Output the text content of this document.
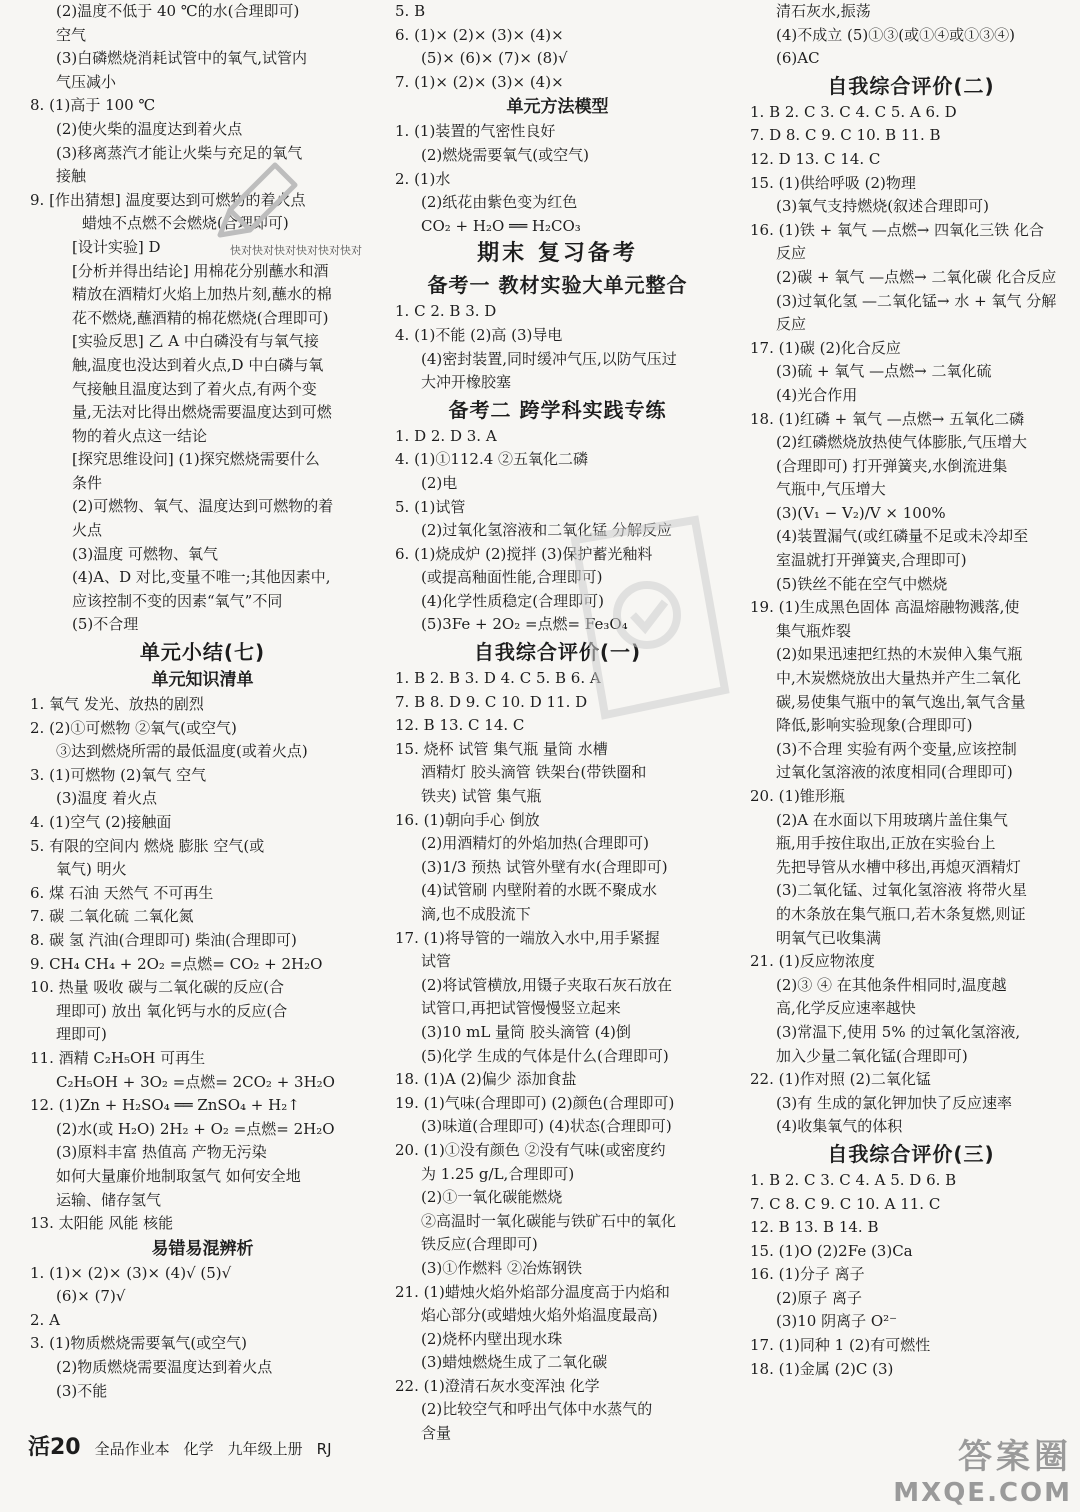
(2)温度不低于 40 ℃的水(合理即可)
空气
(3)白磷燃烧消耗试管中的氧气,试管内
气压减小
8. (1)高于 100 ℃
(2)使火柴的温度达到着火点
(3)移离蒸汽才能让火柴与充足的氧气
接触
9. [作出猜想] 温度要达到可燃物的着火点
蜡烛不点燃不会燃烧(合理即可)
[设计实验] D
[分析并得出结论] 用棉花分别蘸水和酒
精放在酒精灯火焰上加热片刻,蘸水的棉
花不燃烧,蘸酒精的棉花燃烧(合理即可)
[实验反思] 乙 A 中白磷没有与氧气接
触,温度也没达到着火点,D 中白磷与氧
气接触且温度达到了着火点,有两个变
量,无法对比得出燃烧需要温度达到可燃
物的着火点这一结论
[探究思维设问] (1)探究燃烧需要什么
条件
(2)可燃物、氧气、温度达到可燃物的着
火点
(3)温度 可燃物、氧气
(4)A、D 对比,变量不唯一;其他因素中,
应该控制不变的因素“氧气”不同
(5)不合理
单元小结(七)
单元知识清单
1. 氧气 发光、放热的剧烈
2. (2)①可燃物 ②氧气(或空气)
③达到燃烧所需的最低温度(或着火点)
3. (1)可燃物 (2)氧气 空气
(3)温度 着火点
4. (1)空气 (2)接触面
5. 有限的空间内 燃烧 膨胀 空气(或
氧气) 明火
6. 煤 石油 天然气 不可再生
7. 碳 二氧化硫 二氧化氮
8. 碳 氢 汽油(合理即可) 柴油(合理即可)
9. CH₄ CH₄ + 2O₂ =点燃= CO₂ + 2H₂O
10. 热量 吸收 碳与二氧化碳的反应(合
理即可) 放出 氧化钙与水的反应(合
理即可)
11. 酒精 C₂H₅OH 可再生
C₂H₅OH + 3O₂ =点燃= 2CO₂ + 3H₂O
12. (1)Zn + H₂SO₄ ══ ZnSO₄ + H₂↑
(2)水(或 H₂O) 2H₂ + O₂ =点燃= 2H₂O
(3)原料丰富 热值高 产物无污染
如何大量廉价地制取氢气 如何安全地
运输、储存氢气
13. 太阳能 风能 核能
易错易混辨析
1. (1)× (2)× (3)× (4)√ (5)√
(6)× (7)√
2. A
3. (1)物质燃烧需要氧气(或空气)
(2)物质燃烧需要温度达到着火点
(3)不能
5. B
6. (1)× (2)× (3)× (4)×
(5)× (6)× (7)× (8)√
7. (1)× (2)× (3)× (4)×
单元方法模型
1. (1)装置的气密性良好
(2)燃烧需要氧气(或空气)
2. (1)水
(2)纸花由紫色变为红色
CO₂ + H₂O ══ H₂CO₃
期末 复习备考
备考一 教材实验大单元整合
1. C 2. B 3. D
4. (1)不能 (2)高 (3)导电
(4)密封装置,同时缓冲气压,以防气压过
大冲开橡胶塞
备考二 跨学科实践专练
1. D 2. D 3. A
4. (1)①112.4 ②五氧化二磷
(2)电
5. (1)试管
(2)过氧化氢溶液和二氧化锰 分解反应
6. (1)烧成炉 (2)搅拌 (3)保护蓄光釉料
(或提高釉面性能,合理即可)
(4)化学性质稳定(合理即可)
(5)3Fe + 2O₂ =点燃= Fe₃O₄
自我综合评价(一)
1. B 2. B 3. D 4. C 5. B 6. A
7. B 8. D 9. C 10. D 11. D
12. B 13. C 14. C
15. 烧杯 试管 集气瓶 量筒 水槽
酒精灯 胶头滴管 铁架台(带铁圈和
铁夹) 试管 集气瓶
16. (1)朝向手心 倒放
(2)用酒精灯的外焰加热(合理即可)
(3)1/3 预热 试管外壁有水(合理即可)
(4)试管刷 内壁附着的水既不聚成水
滴,也不成股流下
17. (1)将导管的一端放入水中,用手紧握
试管
(2)将试管横放,用镊子夹取石灰石放在
试管口,再把试管慢慢竖立起来
(3)10 mL 量筒 胶头滴管 (4)倒
(5)化学 生成的气体是什么(合理即可)
18. (1)A (2)偏少 添加食盐
19. (1)气味(合理即可) (2)颜色(合理即可)
(3)味道(合理即可) (4)状态(合理即可)
20. (1)①没有颜色 ②没有气味(或密度约
为 1.25 g/L,合理即可)
(2)①一氧化碳能燃烧
②高温时一氧化碳能与铁矿石中的氧化
铁反应(合理即可)
(3)①作燃料 ②冶炼钢铁
21. (1)蜡烛火焰外焰部分温度高于内焰和
焰心部分(或蜡烛火焰外焰温度最高)
(2)烧杯内壁出现水珠
(3)蜡烛燃烧生成了二氧化碳
22. (1)澄清石灰水变浑浊 化学
(2)比较空气和呼出气体中水蒸气的
含量
清石灰水,振荡
(4)不成立 (5)①③(或①④或①③④)
(6)AC
自我综合评价(二)
1. B 2. C 3. C 4. C 5. A 6. D
7. D 8. C 9. C 10. B 11. B
12. D 13. C 14. C
15. (1)供给呼吸 (2)物理
(3)氧气支持燃烧(叙述合理即可)
16. (1)铁 + 氧气 —点燃→ 四氧化三铁 化合
反应
(2)碳 + 氧气 —点燃→ 二氧化碳 化合反应
(3)过氧化氢 —二氧化锰→ 水 + 氧气 分解
反应
17. (1)碳 (2)化合反应
(3)硫 + 氧气 —点燃→ 二氧化硫
(4)光合作用
18. (1)红磷 + 氧气 —点燃→ 五氧化二磷
(2)红磷燃烧放热使气体膨胀,气压增大
(合理即可) 打开弹簧夹,水倒流进集
气瓶中,气压增大
(3)(V₁ − V₂)/V × 100%
(4)装置漏气(或红磷量不足或未冷却至
室温就打开弹簧夹,合理即可)
(5)铁丝不能在空气中燃烧
19. (1)生成黑色固体 高温熔融物溅落,使
集气瓶炸裂
(2)如果迅速把红热的木炭伸入集气瓶
中,木炭燃烧放出大量热并产生二氧化
碳,易使集气瓶中的氧气逸出,氧气含量
降低,影响实验现象(合理即可)
(3)不合理 实验有两个变量,应该控制
过氧化氢溶液的浓度相同(合理即可)
20. (1)锥形瓶
(2)A 在水面以下用玻璃片盖住集气
瓶,用手按住取出,正放在实验台上
先把导管从水槽中移出,再熄灭酒精灯
(3)二氧化锰、过氧化氢溶液 将带火星
的木条放在集气瓶口,若木条复燃,则证
明氧气已收集满
21. (1)反应物浓度
(2)③ ④ 在其他条件相同时,温度越
高,化学反应速率越快
(3)常温下,使用 5% 的过氧化氢溶液,
加入少量二氧化锰(合理即可)
22. (1)作对照 (2)二氧化锰
(3)有 生成的氯化钾加快了反应速率
(4)收集氧气的体积
自我综合评价(三)
1. B 2. C 3. C 4. A 5. D 6. B
7. C 8. C 9. C 10. A 11. C
12. B 13. B 14. B
15. (1)O (2)2Fe (3)Ca
16. (1)分子 离子
(2)原子 离子
(3)10 阴离子 O²⁻
17. (1)同种 1 (2)有可燃性
18. (1)金属 (2)C (3)
快对快对快对快对快对快对
活20 全品作业本 化学 九年级上册 RJ	答案圈
MXQE.COM
